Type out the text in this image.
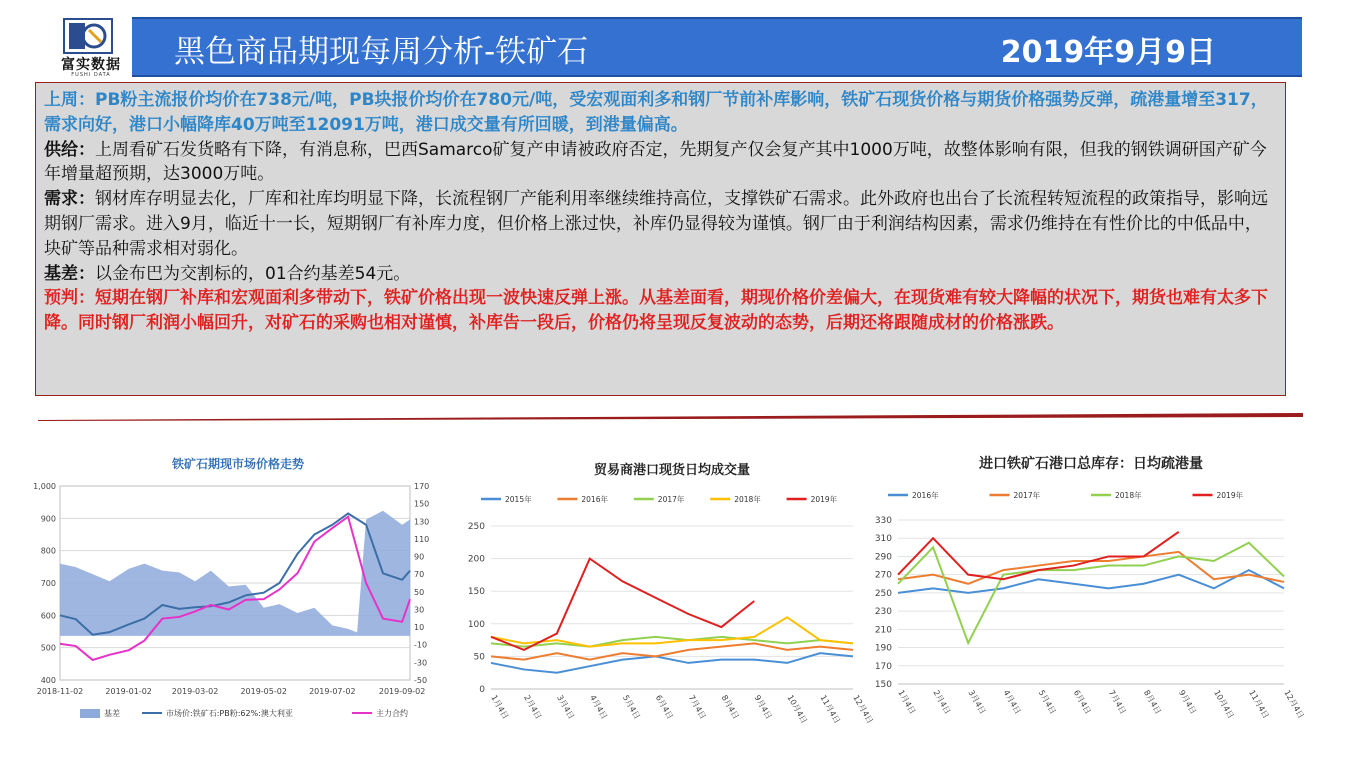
富实数据
FUSHI DATA
黑色商品期现每周分析-铁矿石	2019年9月9日

上周：PB粉主流报价均价在738元/吨，PB块报价均价在780元/吨，受宏观面利多和钢厂节前补库影响，铁矿石现货价格与期货价格强势反弹，疏港量增至317，需求向好，港口小幅降库40万吨至12091万吨，港口成交量有所回暖，到港量偏高。

供给：上周看矿石发货略有下降，有消息称，巴西Samarco矿复产申请被政府否定，先期复产仅会复产其中1000万吨，故整体影响有限，但我的钢铁调研国产矿今年增量超预期，达3000万吨。

需求：钢材库存明显去化，厂库和社库均明显下降，长流程钢厂产能利用率继续维持高位，支撑铁矿石需求。此外政府也出台了长流程转短流程的政策指导，影响远期钢厂需求。进入9月，临近十一长，短期钢厂有补库力度，但价格上涨过快，补库仍显得较为谨慎。钢厂由于利润结构因素，需求仍维持在有性价比的中低品中，块矿等品种需求相对弱化。

基差：以金布巴为交割标的，01合约基差54元。

预判：短期在钢厂补库和宏观面利多带动下，铁矿价格出现一波快速反弹上涨。从基差面看，期现价格价差偏大，在现货难有较大降幅的状况下，期货也难有太多下降。同时钢厂利润小幅回升，对矿石的采购也相对谨慎，补库告一段后，价格仍将呈现反复波动的态势，后期还将跟随成材的价格涨跌。

铁矿石期现市场价格走势
1,000
900
800
700
600
500
400
170
150
130
110
90
70
50
30
10
-10
-30
-50
2018-11-02	2019-01-02 2019-03-02	2019-05-02	2019-07-02	2019-09-02
基差	市场价:铁矿石:PB粉:62%:澳大利亚	主力合约
贸易商港口现货日均成交量
0
50
100
150
200
250
1月4日 2月4日 3月4日 4月4日 5月4日 6月4日 7月4日 8月4日 9月4日 10月4日 11月4日 12月4日
2015年	2016年	2017年	2018年	2019年
进口铁矿石港口总库存：日均疏港量
150
170
190
210
230
250
270
290
310
330
1月4日 2月4日 3月4日 4月4日 5月4日 6月4日 7月4日 8月4日 9月4日 10月4日 11月4日 12月4日
2016年	2017年	2018年	2019年
